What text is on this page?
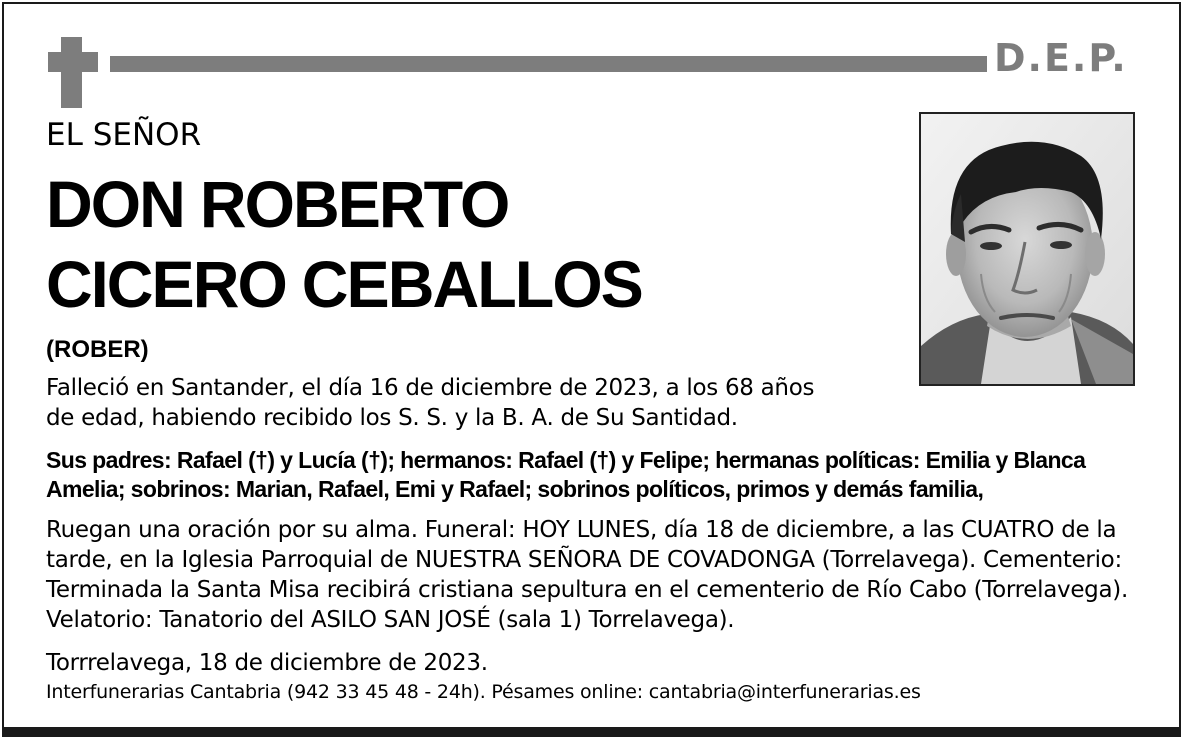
D.E.P.
EL SEÑOR
DON ROBERTO
CICERO CEBALLOS
(ROBER)
Falleció en Santander, el día 16 de diciembre de 2023, a los 68 años
de edad, habiendo recibido los S. S. y la B. A. de Su Santidad.
Sus padres: Rafael (†) y Lucía (†); hermanos: Rafael (†) y Felipe; hermanas políticas: Emilia y Blanca
Amelia; sobrinos: Marian, Rafael, Emi y Rafael; sobrinos políticos, primos y demás familia,
Ruegan una oración por su alma. Funeral: HOY LUNES, día 18 de diciembre, a las CUATRO de la
tarde, en la Iglesia Parroquial de NUESTRA SEÑORA DE COVADONGA (Torrelavega). Cementerio:
Terminada la Santa Misa recibirá cristiana sepultura en el cementerio de Río Cabo (Torrelavega).
Velatorio: Tanatorio del ASILO SAN JOSÉ (sala 1) Torrelavega).
Torrrelavega, 18 de diciembre de 2023.
Interfunerarias Cantabria (942 33 45 48 - 24h). Pésames online: cantabria@interfunerarias.es
